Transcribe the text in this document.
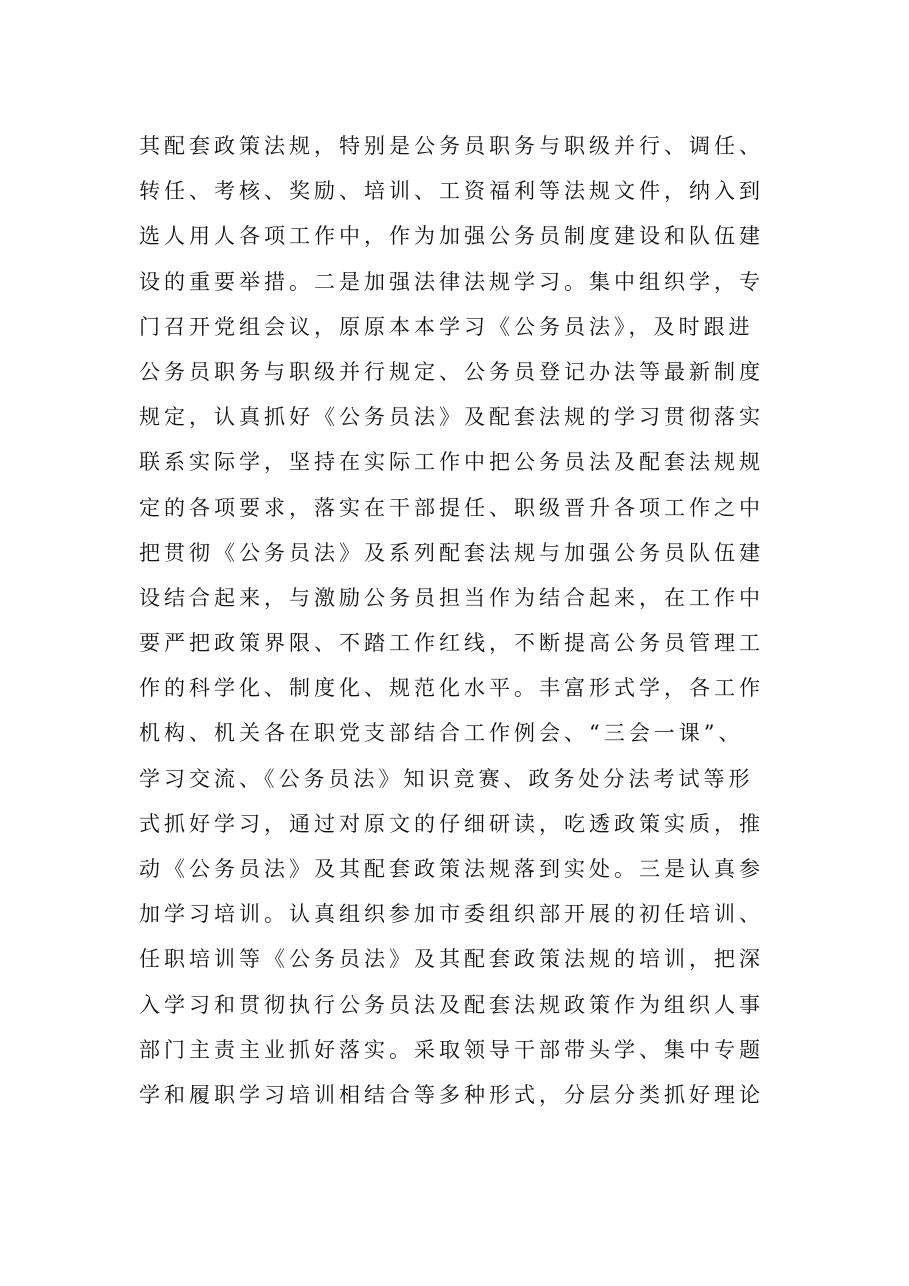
其配套政策法规，特别是公务员职务与职级并行、调任、
转任、考核、奖励、培训、工资福利等法规文件，纳入到
选人用人各项工作中，作为加强公务员制度建设和队伍建
设的重要举措。二是加强法律法规学习。集中组织学，专
门召开党组会议，原原本本学习《公务员法》，及时跟进
公务员职务与职级并行规定、公务员登记办法等最新制度
规定，认真抓好《公务员法》及配套法规的学习贯彻落实
联系实际学，坚持在实际工作中把公务员法及配套法规规
定的各项要求，落实在干部提任、职级晋升各项工作之中
把贯彻《公务员法》及系列配套法规与加强公务员队伍建
设结合起来，与激励公务员担当作为结合起来，在工作中
要严把政策界限、不踏工作红线，不断提高公务员管理工
作的科学化、制度化、规范化水平。丰富形式学，各工作
机构、机关各在职党支部结合工作例会、“三会一课”、
学习交流、《公务员法》知识竞赛、政务处分法考试等形
式抓好学习，通过对原文的仔细研读，吃透政策实质，推
动《公务员法》及其配套政策法规落到实处。三是认真参
加学习培训。认真组织参加市委组织部开展的初任培训、
任职培训等《公务员法》及其配套政策法规的培训，把深
入学习和贯彻执行公务员法及配套法规政策作为组织人事
部门主责主业抓好落实。采取领导干部带头学、集中专题
学和履职学习培训相结合等多种形式，分层分类抓好理论
